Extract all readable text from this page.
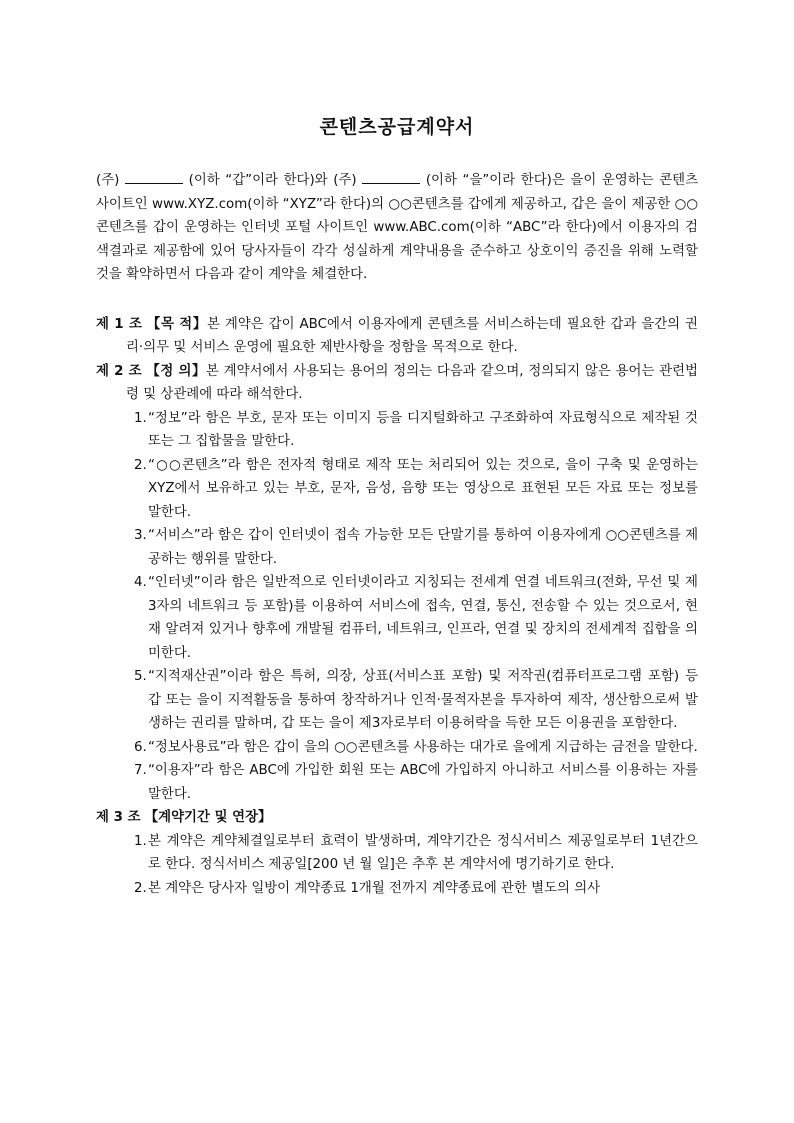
콘텐츠공급계약서

(주)	(이하 “갑”이라 한다)와 (주)	(이하 “을”이라 한다)은 을이 운영하는 콘텐츠 사이트인 www.XYZ.com(이하 “XYZ”라 한다)의 ○○콘텐츠를 갑에게 제공하고, 갑은 을이 제공한 ○○콘텐츠를 갑이 운영하는 인터넷 포털 사이트인 www.ABC.com(이하 “ABC”라 한다)에서 이용자의 검색결과로 제공함에 있어 당사자들이 각각 성실하게 계약내용을 준수하고 상호이익 증진을 위해 노력할 것을 확약하면서 다음과 같이 계약을 체결한다.

제 1 조 【목 적】본 계약은 갑이 ABC에서 이용자에게 콘텐츠를 서비스하는데 필요한 갑과 을간의 권리·의무 및 서비스 운영에 필요한 제반사항을 정함을 목적으로 한다.
제 2 조 【정 의】본 계약서에서 사용되는 용어의 정의는 다음과 같으며, 정의되지 않은 용어는 관련법령 및 상관례에 따라 해석한다.
1. “정보”라 함은 부호, 문자 또는 이미지 등을 디지털화하고 구조화하여 자료형식으로 제작된 것 또는 그 집합물을 말한다.
2. “○○콘텐츠”라 함은 전자적 형태로 제작 또는 처리되어 있는 것으로, 을이 구축 및 운영하는 XYZ에서 보유하고 있는 부호, 문자, 음성, 음향 또는 영상으로 표현된 모든 자료 또는 정보를 말한다.
3. “서비스”라 함은 갑이 인터넷이 접속 가능한 모든 단말기를 통하여 이용자에게 ○○콘텐츠를 제공하는 행위를 말한다.
4. “인터넷”이라 함은 일반적으로 인터넷이라고 지칭되는 전세계 연결 네트워크(전화, 무선 및 제3자의 네트워크 등 포함)를 이용하여 서비스에 접속, 연결, 통신, 전송할 수 있는 것으로서, 현재 알려져 있거나 향후에 개발될 컴퓨터, 네트워크, 인프라, 연결 및 장치의 전세계적 집합을 의미한다.
5. “지적재산권”이라 함은 특허, 의장, 상표(서비스표 포함) 및 저작권(컴퓨터프로그램 포함) 등 갑 또는 을이 지적활동을 통하여 창작하거나 인적·물적자본을 투자하여 제작, 생산함으로써 발생하는 권리를 말하며, 갑 또는 을이 제3자로부터 이용허락을 득한 모든 이용권을 포함한다.
6. “정보사용료”라 함은 갑이 을의 ○○콘텐츠를 사용하는 대가로 을에게 지급하는 금전을 말한다.
7. “이용자”라 함은 ABC에 가입한 회원 또는 ABC에 가입하지 아니하고 서비스를 이용하는 자를 말한다.
제 3 조 【계약기간 및 연장】
1. 본 계약은 계약체결일로부터 효력이 발생하며, 계약기간은 정식서비스 제공일로부터 1년간으로 한다. 정식서비스 제공일[200 년 월 일]은 추후 본 계약서에 명기하기로 한다.
2. 본 계약은 당사자 일방이 계약종료 1개월 전까지 계약종료에 관한 별도의 의사
